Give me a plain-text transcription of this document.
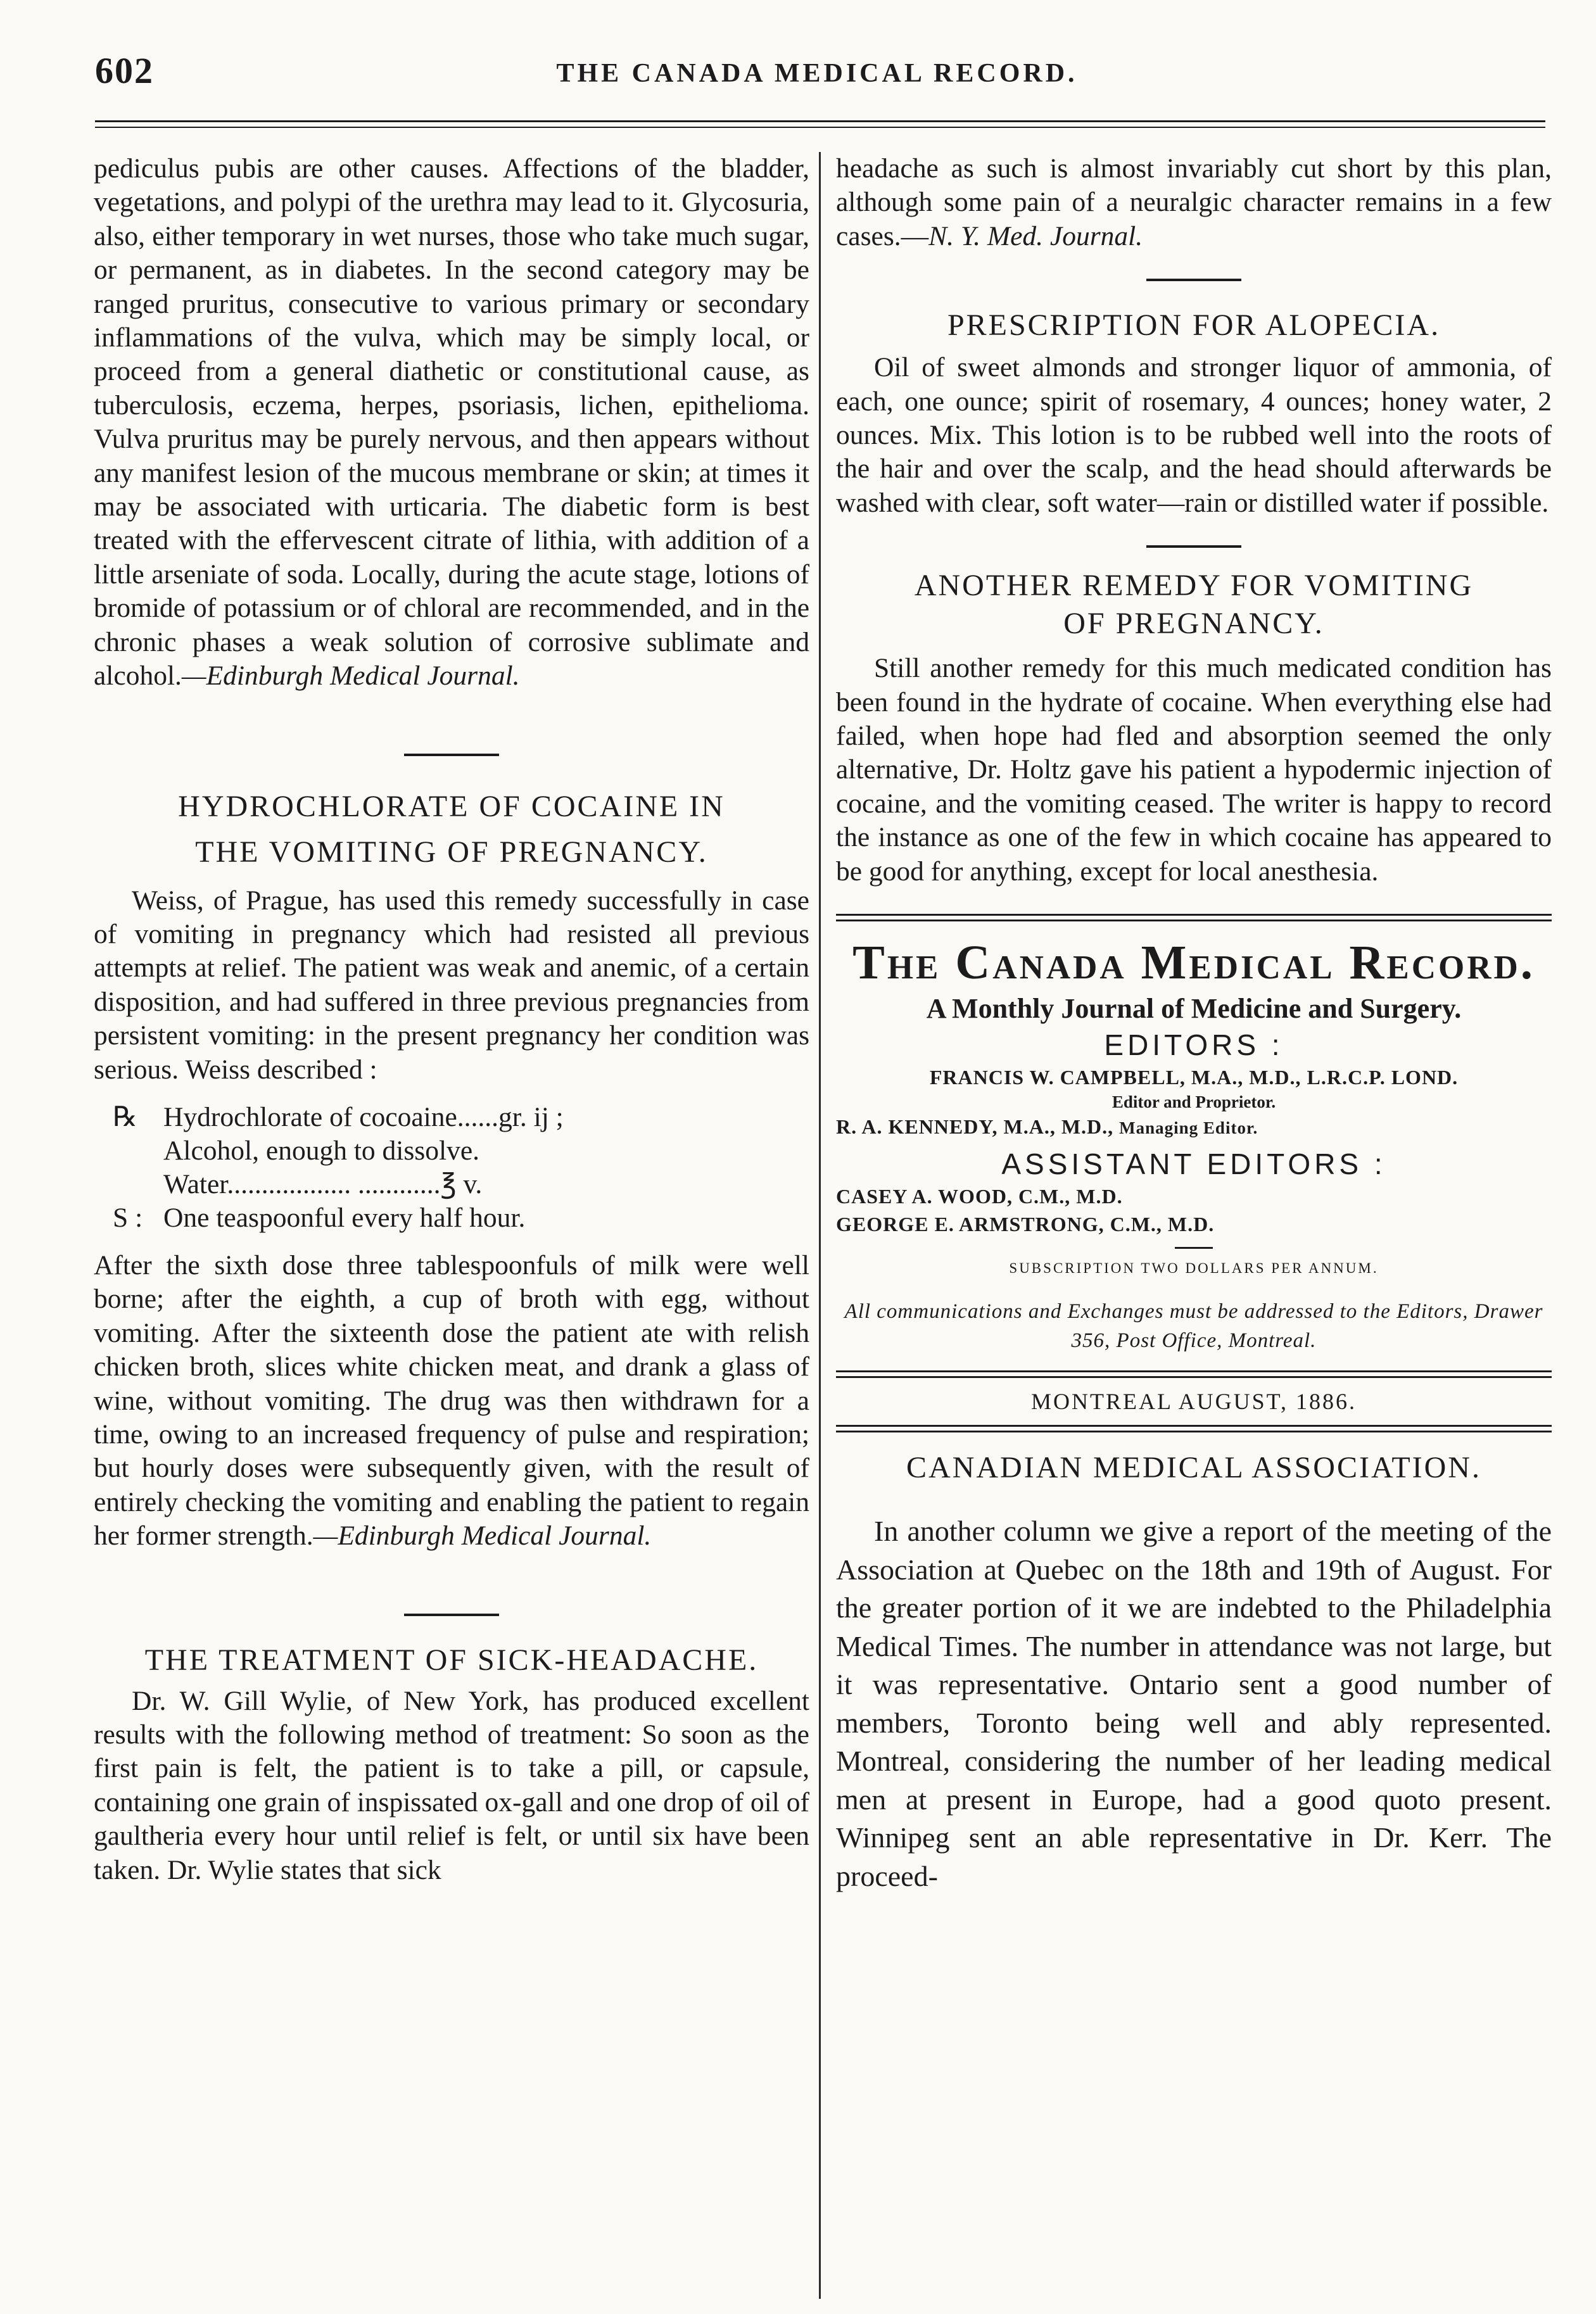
602	THE CANADA MEDICAL RECORD.

pediculus pubis are other causes. Affections of the bladder, vegetations, and polypi of the urethra may lead to it. Glycosuria, also, either temporary in wet nurses, those who take much sugar, or permanent, as in diabetes. In the second category may be ranged pruritus, consecutive to various primary or secondary inflammations of the vulva, which may be simply local, or proceed from a general diathetic or constitutional cause, as tuberculosis, eczema, herpes, psoriasis, lichen, epithelioma. Vulva pruritus may be purely nervous, and then appears without any manifest lesion of the mucous membrane or skin; at times it may be associated with urticaria. The diabetic form is best treated with the effervescent citrate of lithia, with addition of a little arseniate of soda. Locally, during the acute stage, lotions of bromide of potassium or of chloral are recommended, and in the chronic phases a weak solution of corrosive sublimate and alcohol.—Edinburgh Medical Journal.

HYDROCHLORATE OF COCAINE IN
THE VOMITING OF PREGNANCY.

Weiss, of Prague, has used this remedy successfully in case of vomiting in pregnancy which had resisted all previous attempts at relief. The patient was weak and anemic, of a certain disposition, and had suffered in three previous pregnancies from persistent vomiting: in the present pregnancy her condition was serious. Weiss described :

℞ Hydrochlorate of cocoaine......gr. ij ;
Alcohol, enough to dissolve.
Water.................. ............℥ v.
S : One teaspoonful every half hour.

After the sixth dose three tablespoonfuls of milk were well borne; after the eighth, a cup of broth with egg, without vomiting. After the sixteenth dose the patient ate with relish chicken broth, slices white chicken meat, and drank a glass of wine, without vomiting. The drug was then withdrawn for a time, owing to an increased frequency of pulse and respiration; but hourly doses were subsequently given, with the result of entirely checking the vomiting and enabling the patient to regain her former strength.—Edinburgh Medical Journal.

THE TREATMENT OF SICK-HEADACHE.

Dr. W. Gill Wylie, of New York, has produced excellent results with the following method of treatment: So soon as the first pain is felt, the patient is to take a pill, or capsule, containing one grain of inspissated ox-gall and one drop of oil of gaultheria every hour until relief is felt, or until six have been taken. Dr. Wylie states that sick

headache as such is almost invariably cut short by this plan, although some pain of a neuralgic character remains in a few cases.—N. Y. Med. Journal.

PRESCRIPTION FOR ALOPECIA.

Oil of sweet almonds and stronger liquor of ammonia, of each, one ounce; spirit of rosemary, 4 ounces; honey water, 2 ounces. Mix. This lotion is to be rubbed well into the roots of the hair and over the scalp, and the head should afterwards be washed with clear, soft water—rain or distilled water if possible.

ANOTHER REMEDY FOR VOMITING
OF PREGNANCY.

Still another remedy for this much medicated condition has been found in the hydrate of cocaine. When everything else had failed, when hope had fled and absorption seemed the only alternative, Dr. Holtz gave his patient a hypodermic injection of cocaine, and the vomiting ceased. The writer is happy to record the instance as one of the few in which cocaine has appeared to be good for anything, except for local anesthesia.

The Canada Medical Record.

A Monthly Journal of Medicine and Surgery.

EDITORS :

FRANCIS W. CAMPBELL, M.A., M.D., L.R.C.P. LOND.

Editor and Proprietor.

R. A. KENNEDY, M.A., M.D., Managing Editor.

ASSISTANT EDITORS :

CASEY A. WOOD, C.M., M.D.

GEORGE E. ARMSTRONG, C.M., M.D.

SUBSCRIPTION TWO DOLLARS PER ANNUM.

All communications and Exchanges must be addressed to the Editors, Drawer 356, Post Office, Montreal.

MONTREAL AUGUST, 1886.

CANADIAN MEDICAL ASSOCIATION.

In another column we give a report of the meeting of the Association at Quebec on the 18th and 19th of August. For the greater portion of it we are indebted to the Philadelphia Medical Times. The number in attendance was not large, but it was representative. Ontario sent a good number of members, Toronto being well and ably represented. Montreal, considering the number of her leading medical men at present in Europe, had a good quoto present. Winnipeg sent an able representative in Dr. Kerr. The proceed-
